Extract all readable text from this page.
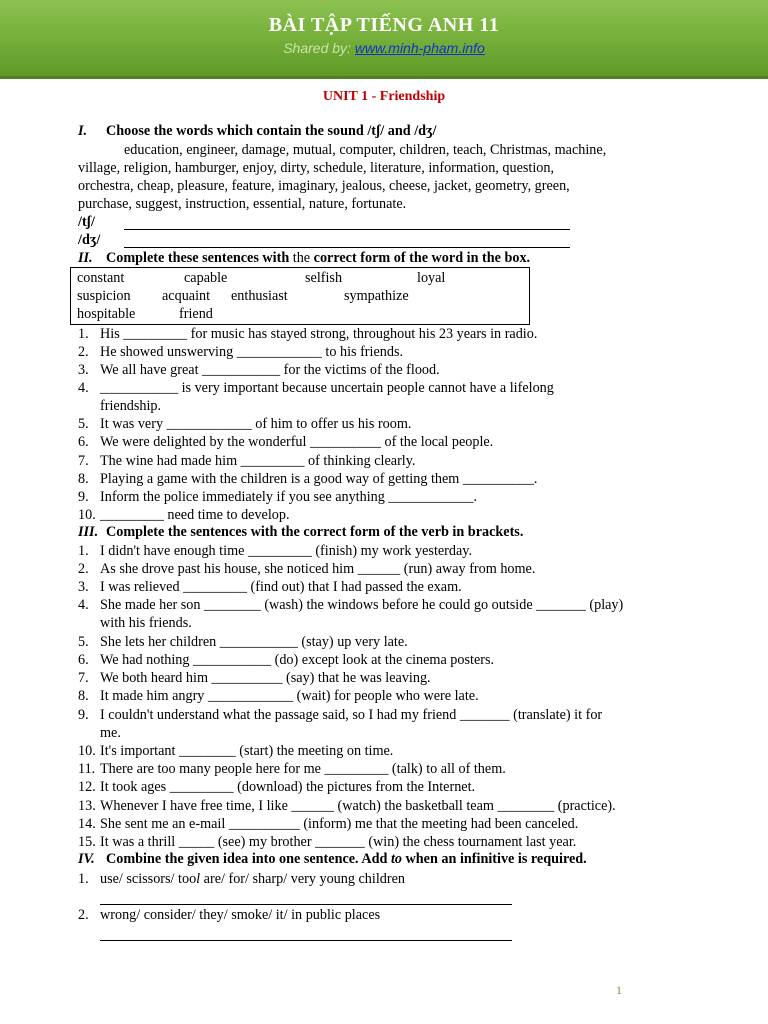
BÀI TẬP TIẾNG ANH 11
Shared by: www.minh-pham.info
UNIT 1 - Friendship
I. Choose the words which contain the sound /tʃ/ and /dʒ/
education, engineer, damage, mutual, computer, children, teach, Christmas, machine,
village, religion, hamburger, enjoy, dirty, schedule, literature, information, question,
orchestra, cheap, pleasure, feature, imaginary, jealous, cheese, jacket, geometry, green,
purchase, suggest, instruction, essential, nature, fortunate.
/tʃ/
/dʒ/
II. Complete these sentences with the correct form of the word in the box.
constant	capable	selfish	loyal
suspicion acquaint enthusiast	sympathize
hospitable	friend
1. His _________ for music has stayed strong, throughout his 23 years in radio.
2. He showed unswerving ____________ to his friends.
3. We all have great ___________ for the victims of the flood.
4. ___________ is very important because uncertain people cannot have a lifelong
friendship.
5. It was very ____________ of him to offer us his room.
6. We were delighted by the wonderful __________ of the local people.
7. The wine had made him _________ of thinking clearly.
8. Playing a game with the children is a good way of getting them __________.
9. Inform the police immediately if you see anything ____________.
10. _________ need time to develop.
III. Complete the sentences with the correct form of the verb in brackets.
1. I didn't have enough time _________ (finish) my work yesterday.
2. As she drove past his house, she noticed him ______ (run) away from home.
3. I was relieved _________ (find out) that I had passed the exam.
4. She made her son ________ (wash) the windows before he could go outside _______ (play)
with his friends.
5. She lets her children ___________ (stay) up very late.
6. We had nothing ___________ (do) except look at the cinema posters.
7. We both heard him __________ (say) that he was leaving.
8. It made him angry ____________ (wait) for people who were late.
9. I couldn't understand what the passage said, so I had my friend _______ (translate) it for
me.
10. It's important ________ (start) the meeting on time.
11. There are too many people here for me _________ (talk) to all of them.
12. It took ages _________ (download) the pictures from the Internet.
13. Whenever I have free time, I like ______ (watch) the basketball team ________ (practice).
14. She sent me an e-mail __________ (inform) me that the meeting had been canceled.
15. It was a thrill _____ (see) my brother _______ (win) the chess tournament last year.
IV. Combine the given idea into one sentence. Add to when an infinitive is required.
1. use/ scissors/ tool are/ for/ sharp/ very young children
2. wrong/ consider/ they/ smoke/ it/ in public places
1
